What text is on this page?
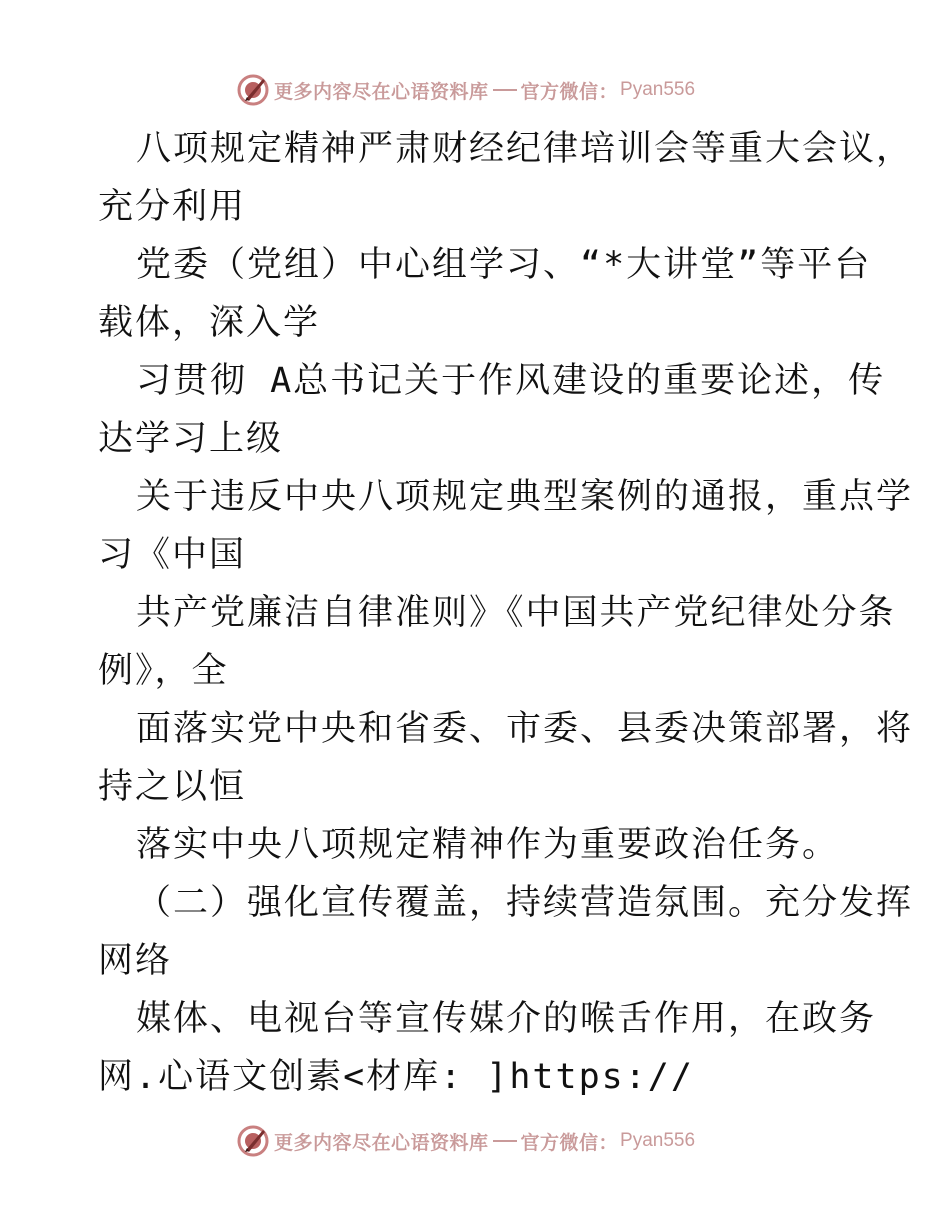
更多内容尽在心语资料库 官方微信： Pyan556
八项规定精神严肃财经纪律培训会等重大会议，
充分利用
党委（党组）中心组学习、“*大讲堂”等平台
载体，深入学
习贯彻 A总书记关于作风建设的重要论述，传
达学习上级
关于违反中央八项规定典型案例的通报，重点学
习《中国
共产党廉洁自律准则》《中国共产党纪律处分条
例》，全
面落实党中央和省委、市委、县委决策部署，将
持之以恒
落实中央八项规定精神作为重要政治任务。
（二）强化宣传覆盖，持续营造氛围。充分发挥
网络
媒体、电视台等宣传媒介的喉舌作用，在政务
网.心语文创素<材库: ]https://
更多内容尽在心语资料库 官方微信： Pyan556
